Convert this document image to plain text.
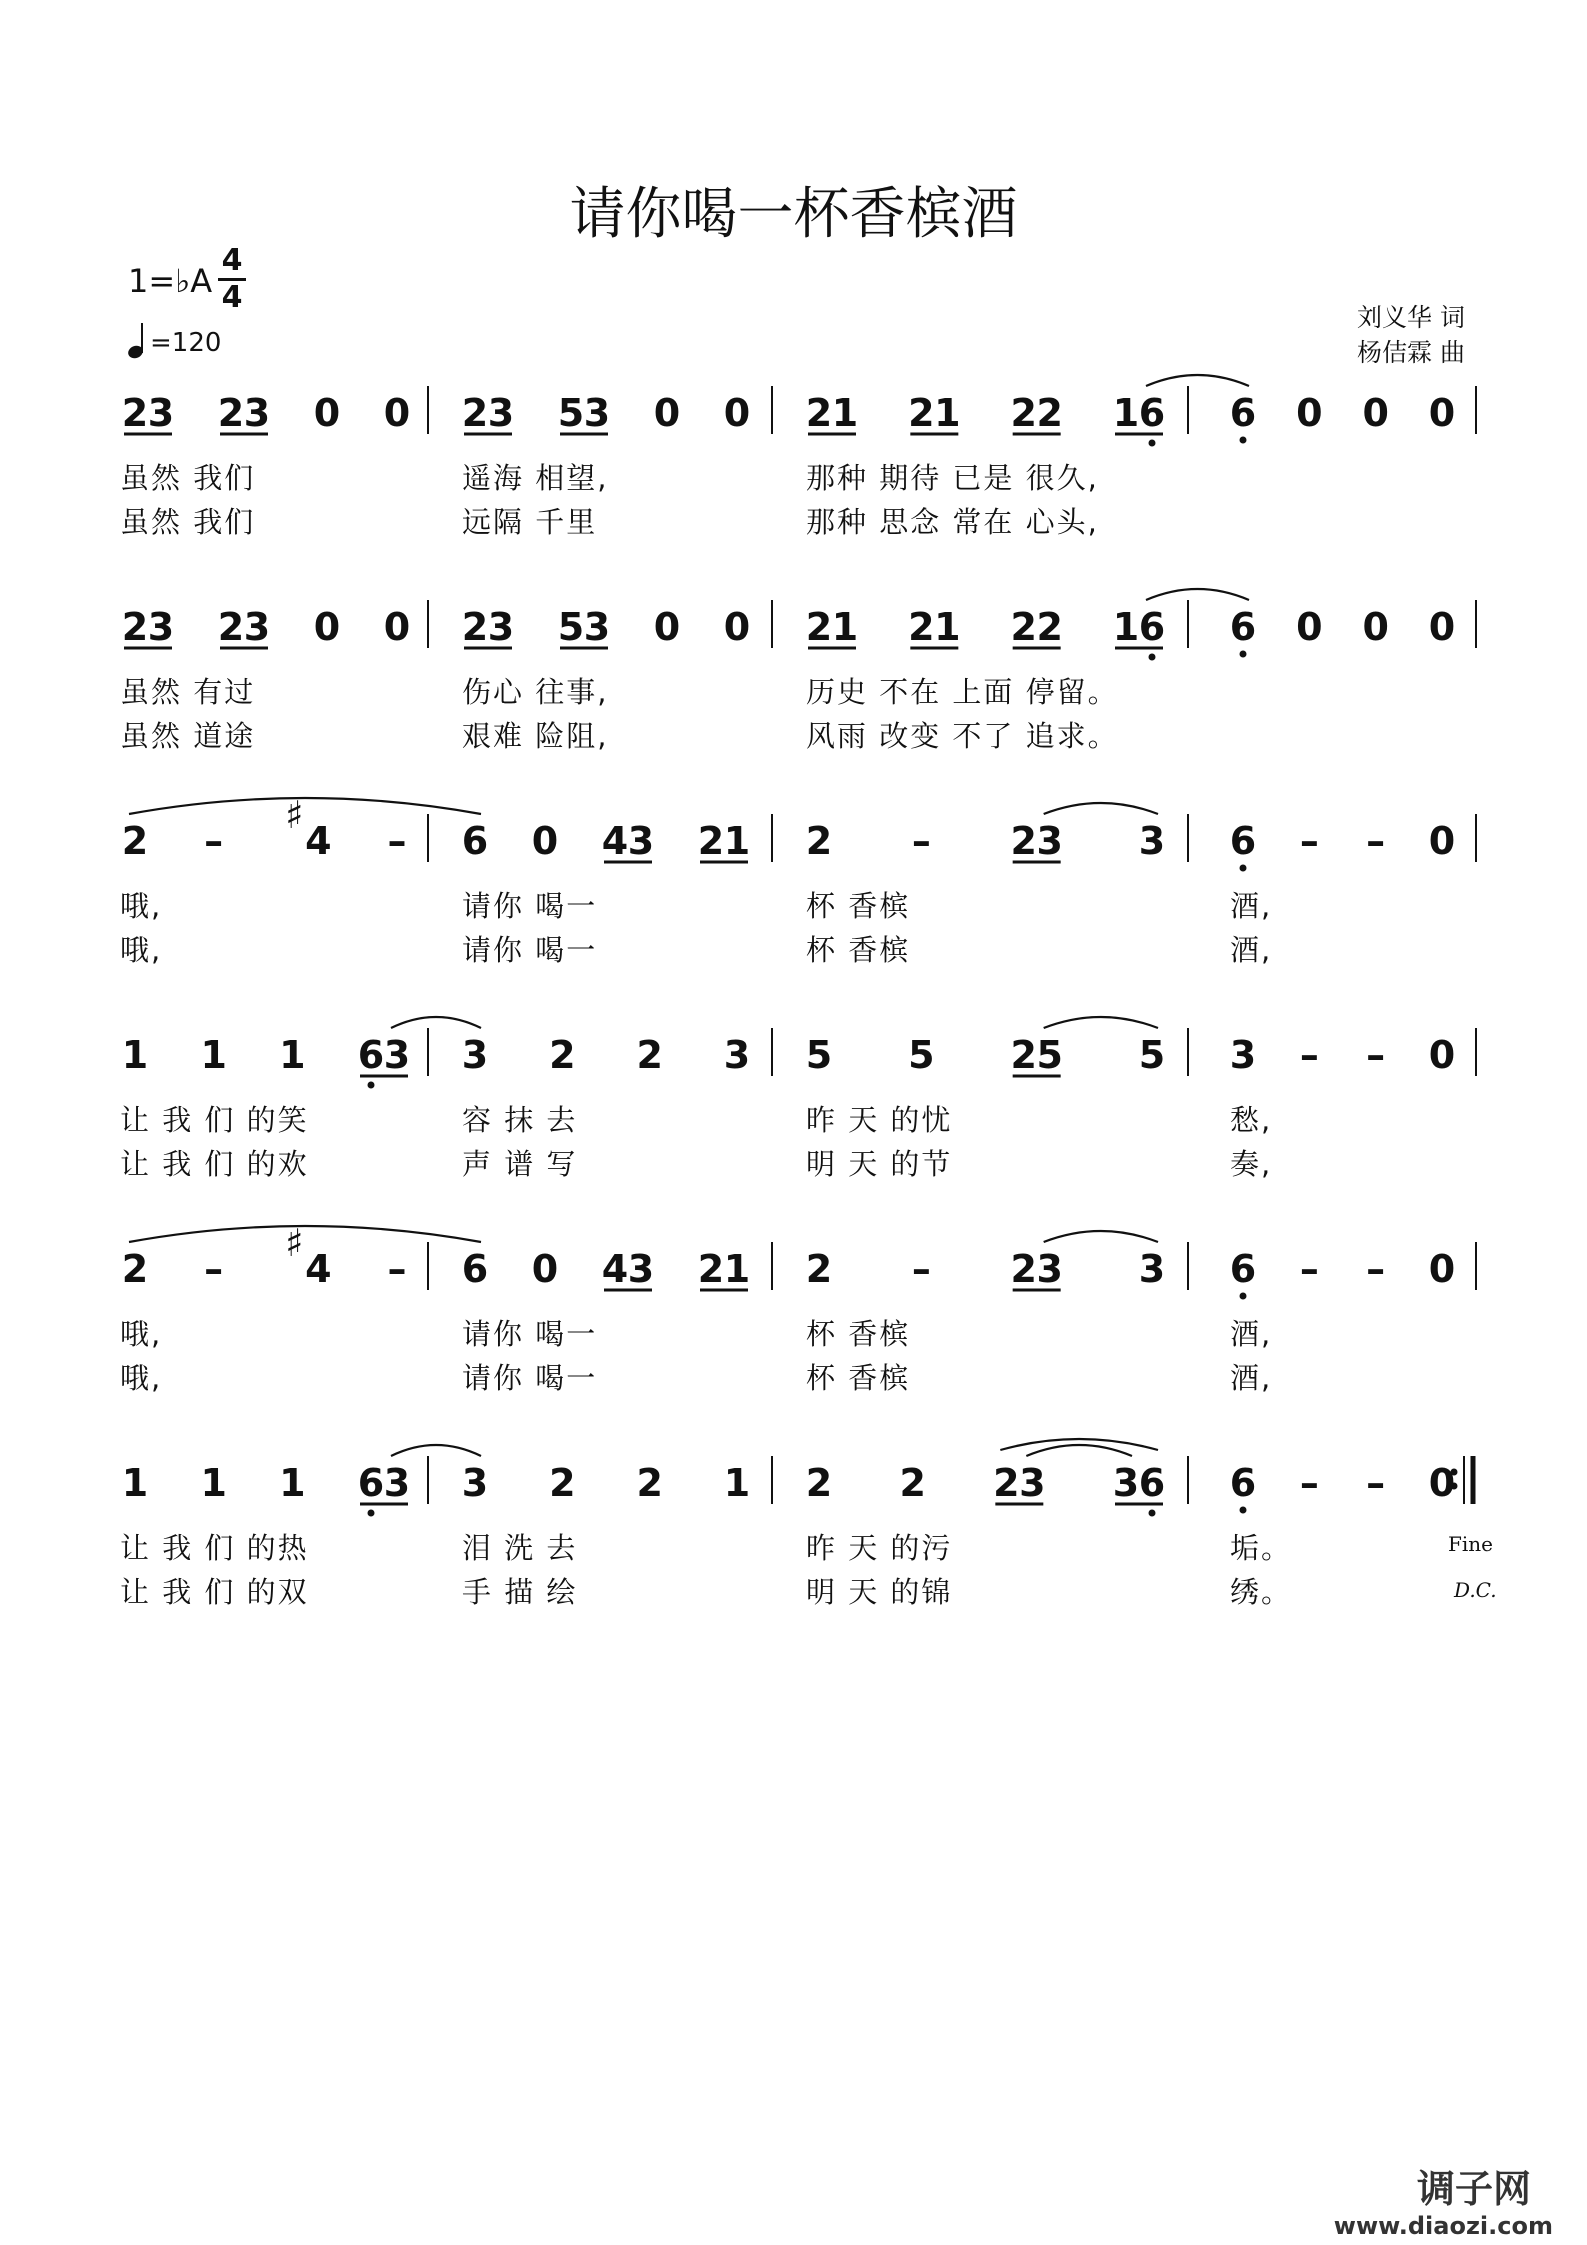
请你喝一杯香槟酒
1=♭A
4
4
=120
刘义华 词
杨佶霖 曲
2 3 2 3 0 0
虽然 我们
虽然 我们
2 3 5 3 0 0
遥海 相望,
远隔 千里
2 1 2 1 2 2 1 6
那种 期待 已是 很久,
那种 思念 常在 心头,
6 0 0 0
2 3 2 3 0 0
虽然 有过
虽然 道途
2 3 5 3 0 0
伤心 往事,
艰难 险阻,
2 1 2 1 2 2 1 6
历史 不在 上面 停留。
风雨 改变 不了 追求。
6 0 0 0
2 –
♯
4 –
哦,
哦,
6 0 4 3 2 1
请你 喝一
请你 喝一
2 – 2 3 3
杯 香槟
杯 香槟
6 – – 0
酒,
酒,
1 1 1 6 3
让 我 们 的笑
让 我 们 的欢
3 2 2 3
容 抹 去
声 谱 写
5 5 2 5 5
昨 天 的忧
明 天 的节
3 – – 0
愁,
奏,
2 –
♯
4 –
哦,
哦,
6 0 4 3 2 1
请你 喝一
请你 喝一
2 – 2 3 3
杯 香槟
杯 香槟
6 – – 0
酒,
酒,
1 1 1 6 3
让 我 们 的热
让 我 们 的双
3 2 2 1
泪 洗 去
手 描 绘
2 2 2 3 3 6
昨 天 的污
明 天 的锦
6 – – 0
垢。
绣。
Fine
D.C.
调子网
www.diaozi.com
